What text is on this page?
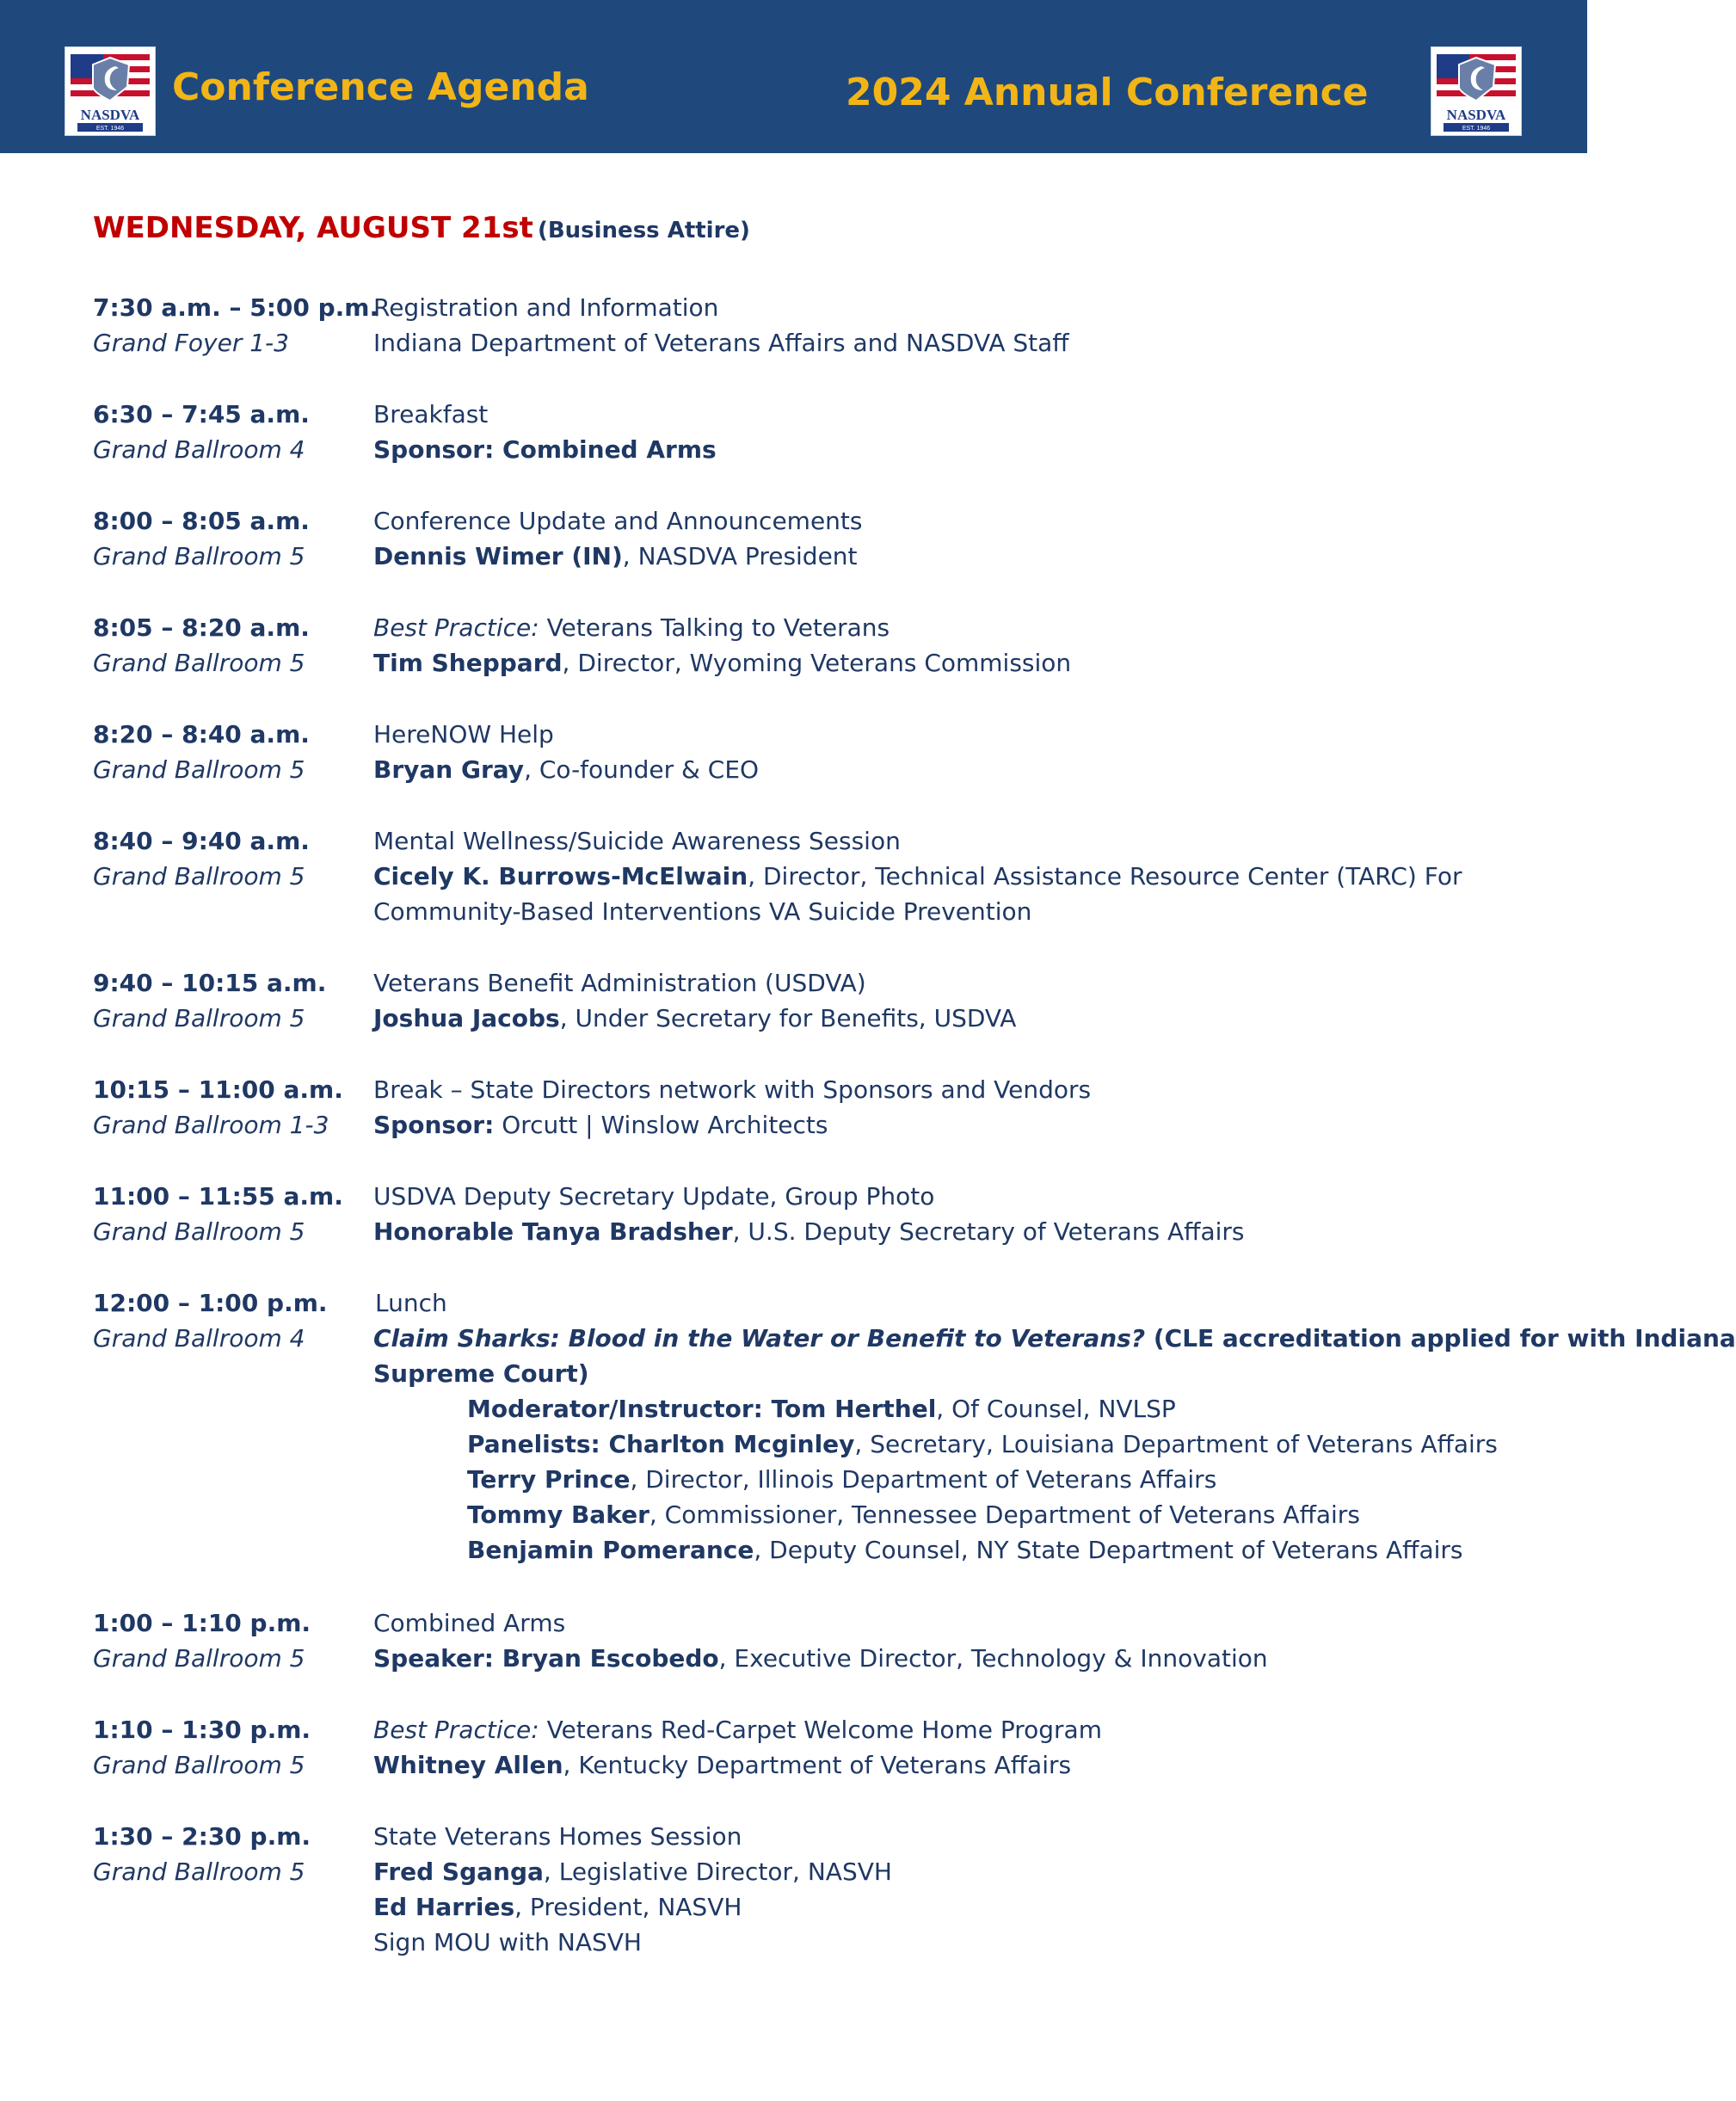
NASDVA
EST. 1946
Conference Agenda	2024 Annual Conference
NASDVA
EST. 1946
WEDNESDAY, AUGUST 21st (Business Attire)
7:30 a.m. – 5:00 p.m.
Grand Foyer 1-3
Registration and Information
Indiana Department of Veterans Affairs and NASDVA Staff
6:30 – 7:45 a.m.
Grand Ballroom 4
Breakfast
Sponsor: Combined Arms
8:00 – 8:05 a.m.
Grand Ballroom 5
Conference Update and Announcements
Dennis Wimer (IN), NASDVA President
8:05 – 8:20 a.m.
Grand Ballroom 5
Best Practice: Veterans Talking to Veterans
Tim Sheppard, Director, Wyoming Veterans Commission
8:20 – 8:40 a.m.
Grand Ballroom 5
HereNOW Help
Bryan Gray, Co-founder & CEO
8:40 – 9:40 a.m.
Grand Ballroom 5
Mental Wellness/Suicide Awareness Session
Cicely K. Burrows-McElwain, Director, Technical Assistance Resource Center (TARC) For
Community-Based Interventions VA Suicide Prevention
9:40 – 10:15 a.m.
Grand Ballroom 5
Veterans Benefit Administration (USDVA)
Joshua Jacobs, Under Secretary for Benefits, USDVA
10:15 – 11:00 a.m.
Grand Ballroom 1-3
Break – State Directors network with Sponsors and Vendors
Sponsor: Orcutt | Winslow Architects
11:00 – 11:55 a.m.
Grand Ballroom 5
USDVA Deputy Secretary Update, Group Photo
Honorable Tanya Bradsher, U.S. Deputy Secretary of Veterans Affairs
12:00 – 1:00 p.m.
Grand Ballroom 4
Lunch
Claim Sharks: Blood in the Water or Benefit to Veterans? (CLE accreditation applied for with Indiana
Supreme Court)
Moderator/Instructor: Tom Herthel, Of Counsel, NVLSP
Panelists: Charlton Mcginley, Secretary, Louisiana Department of Veterans Affairs
Terry Prince, Director, Illinois Department of Veterans Affairs
Tommy Baker, Commissioner, Tennessee Department of Veterans Affairs
Benjamin Pomerance, Deputy Counsel, NY State Department of Veterans Affairs
1:00 – 1:10 p.m.
Grand Ballroom 5
Combined Arms
Speaker: Bryan Escobedo, Executive Director, Technology & Innovation
1:10 – 1:30 p.m.
Grand Ballroom 5
Best Practice: Veterans Red-Carpet Welcome Home Program
Whitney Allen, Kentucky Department of Veterans Affairs
1:30 – 2:30 p.m.
Grand Ballroom 5
State Veterans Homes Session
Fred Sganga, Legislative Director, NASVH
Ed Harries, President, NASVH
Sign MOU with NASVH
